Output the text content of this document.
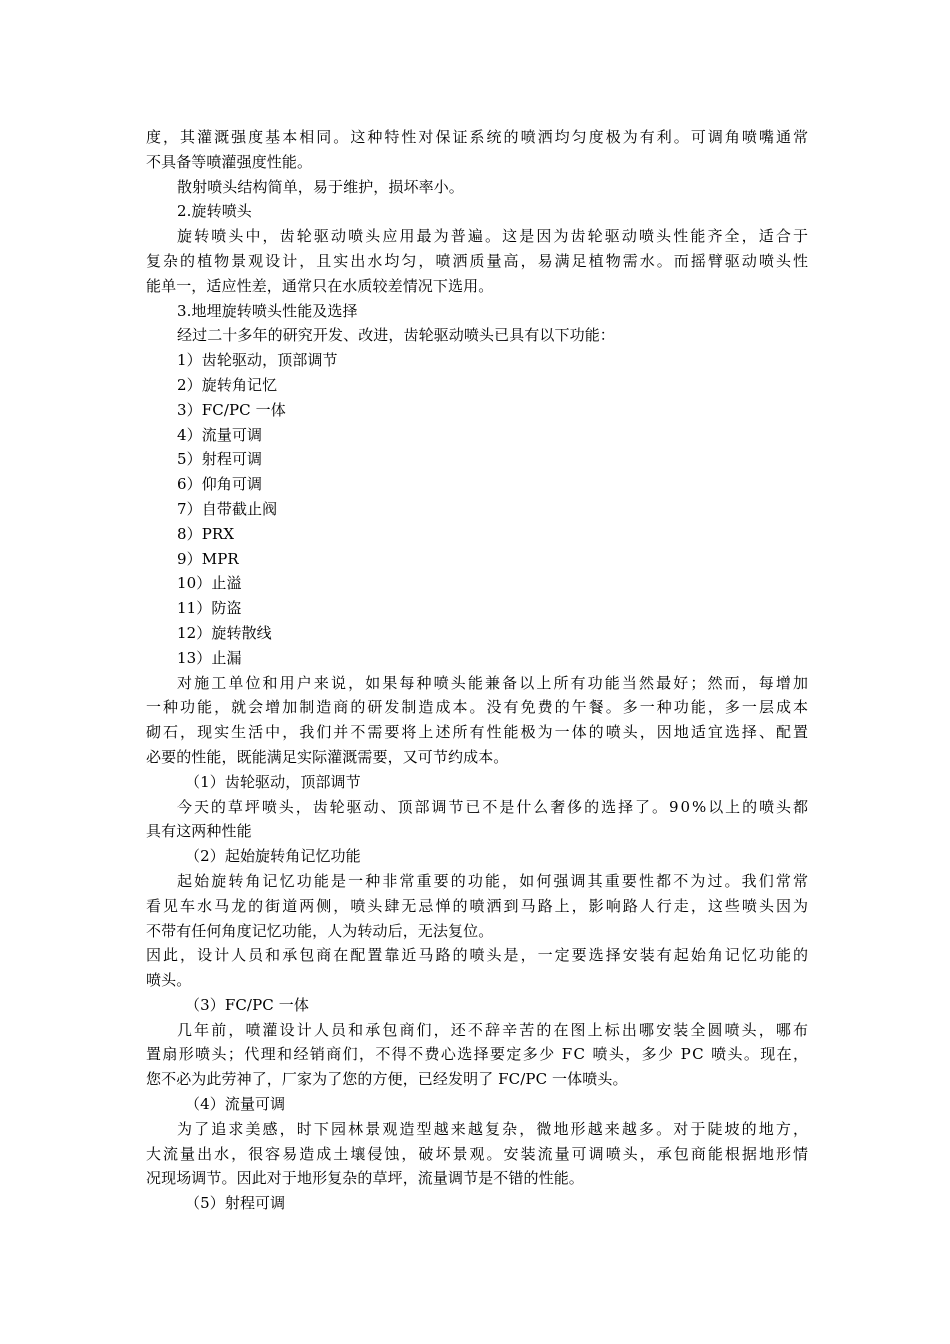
度，其灌溉强度基本相同。这种特性对保证系统的喷洒均匀度极为有利。可调角喷嘴通常
不具备等喷灌强度性能。
散射喷头结构简单，易于维护，损坏率小。
2.旋转喷头
旋转喷头中，齿轮驱动喷头应用最为普遍。这是因为齿轮驱动喷头性能齐全，适合于
复杂的植物景观设计，且实出水均匀，喷洒质量高，易满足植物需水。而摇臂驱动喷头性
能单一，适应性差，通常只在水质较差情况下选用。
3.地埋旋转喷头性能及选择
经过二十多年的研究开发、改进，齿轮驱动喷头已具有以下功能：
1）齿轮驱动，顶部调节
2）旋转角记忆
3）FC/PC 一体
4）流量可调
5）射程可调
6）仰角可调
7）自带截止阀
8）PRX
9）MPR
10）止溢
11）防盗
12）旋转散线
13）止漏
对施工单位和用户来说，如果每种喷头能兼备以上所有功能当然最好；然而，每增加
一种功能，就会增加制造商的研发制造成本。没有免费的午餐。多一种功能，多一层成本
砌石，现实生活中，我们并不需要将上述所有性能极为一体的喷头，因地适宜选择、配置
必要的性能，既能满足实际灌溉需要，又可节约成本。
（1）齿轮驱动，顶部调节
今天的草坪喷头，齿轮驱动、顶部调节已不是什么奢侈的选择了。90%以上的喷头都
具有这两种性能
（2）起始旋转角记忆功能
起始旋转角记忆功能是一种非常重要的功能，如何强调其重要性都不为过。我们常常
看见车水马龙的街道两侧，喷头肆无忌惮的喷洒到马路上，影响路人行走，这些喷头因为
不带有任何角度记忆功能，人为转动后，无法复位。
因此，设计人员和承包商在配置靠近马路的喷头是，一定要选择安装有起始角记忆功能的
喷头。
（3）FC/PC 一体
几年前，喷灌设计人员和承包商们，还不辞辛苦的在图上标出哪安装全圆喷头，哪布
置扇形喷头；代理和经销商们，不得不费心选择要定多少 FC 喷头，多少 PC 喷头。现在，
您不必为此劳神了，厂家为了您的方便，已经发明了 FC/PC 一体喷头。
（4）流量可调
为了追求美感，时下园林景观造型越来越复杂，微地形越来越多。对于陡坡的地方，
大流量出水，很容易造成土壤侵蚀，破坏景观。安装流量可调喷头，承包商能根据地形情
况现场调节。因此对于地形复杂的草坪，流量调节是不错的性能。
（5）射程可调
